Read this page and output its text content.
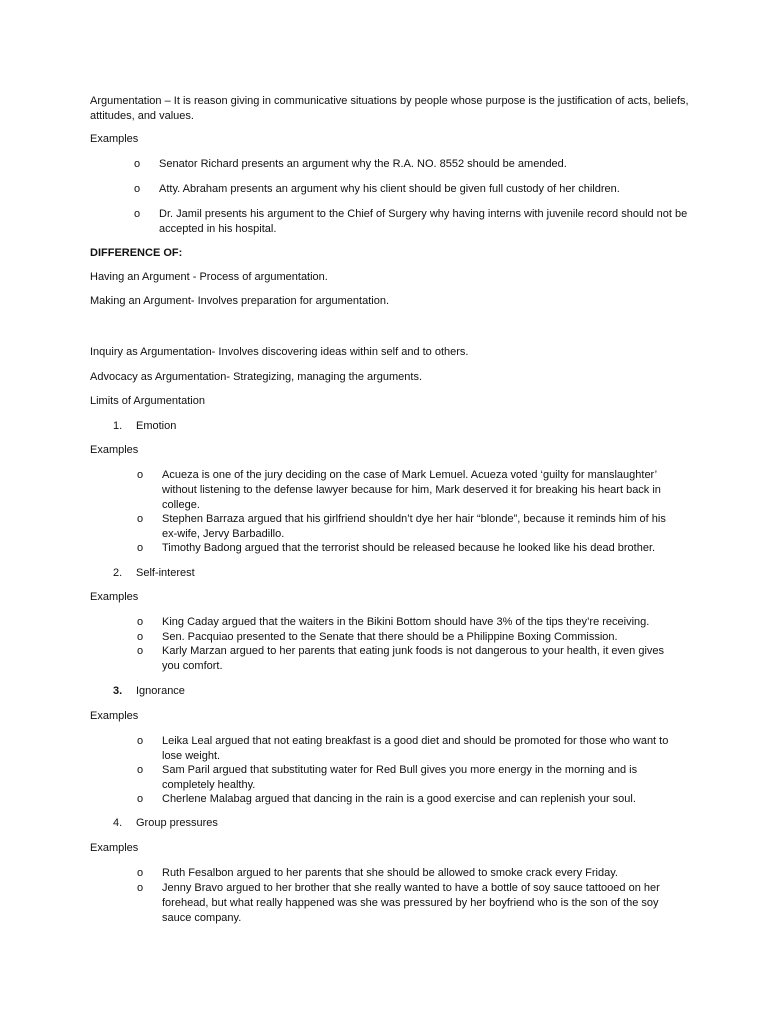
Argumentation – It is reason giving in communicative situations by people whose purpose is the justification of acts, beliefs, attitudes, and values.

Examples

o	Senator Richard presents an argument why the R.A. NO. 8552 should be amended.
o	Atty. Abraham presents an argument why his client should be given full custody of her children.
o	Dr. Jamil presents his argument to the Chief of Surgery why having interns with juvenile record should not be accepted in his hospital.

DIFFERENCE OF:

Having an Argument - Process of argumentation.

Making an Argument- Involves preparation for argumentation.

Inquiry as Argumentation- Involves discovering ideas within self and to others.

Advocacy as Argumentation- Strategizing, managing the arguments.

Limits of Argumentation

1.	Emotion

Examples

o	Acueza is one of the jury deciding on the case of Mark Lemuel. Acueza voted ‘guilty for manslaughter’ without listening to the defense lawyer because for him, Mark deserved it for breaking his heart back in college.
o	Stephen Barraza argued that his girlfriend shouldn’t dye her hair “blonde”, because it reminds him of his ex-wife, Jervy Barbadillo.
o	Timothy Badong argued that the terrorist should be released because he looked like his dead brother.
2.	Self-interest

Examples

o	King Caday argued that the waiters in the Bikini Bottom should have 3% of the tips they’re receiving.
o	Sen. Pacquiao presented to the Senate that there should be a Philippine Boxing Commission.
o	Karly Marzan argued to her parents that eating junk foods is not dangerous to your health, it even gives you comfort.
3.	Ignorance

Examples

o	Leika Leal argued that not eating breakfast is a good diet and should be promoted for those who want to lose weight.
o	Sam Paril argued that substituting water for Red Bull gives you more energy in the morning and is completely healthy.
o	Cherlene Malabag argued that dancing in the rain is a good exercise and can replenish your soul.
4.	Group pressures

Examples

o	Ruth Fesalbon argued to her parents that she should be allowed to smoke crack every Friday.
o	Jenny Bravo argued to her brother that she really wanted to have a bottle of soy sauce tattooed on her forehead, but what really happened was she was pressured by her boyfriend who is the son of the soy sauce company.
